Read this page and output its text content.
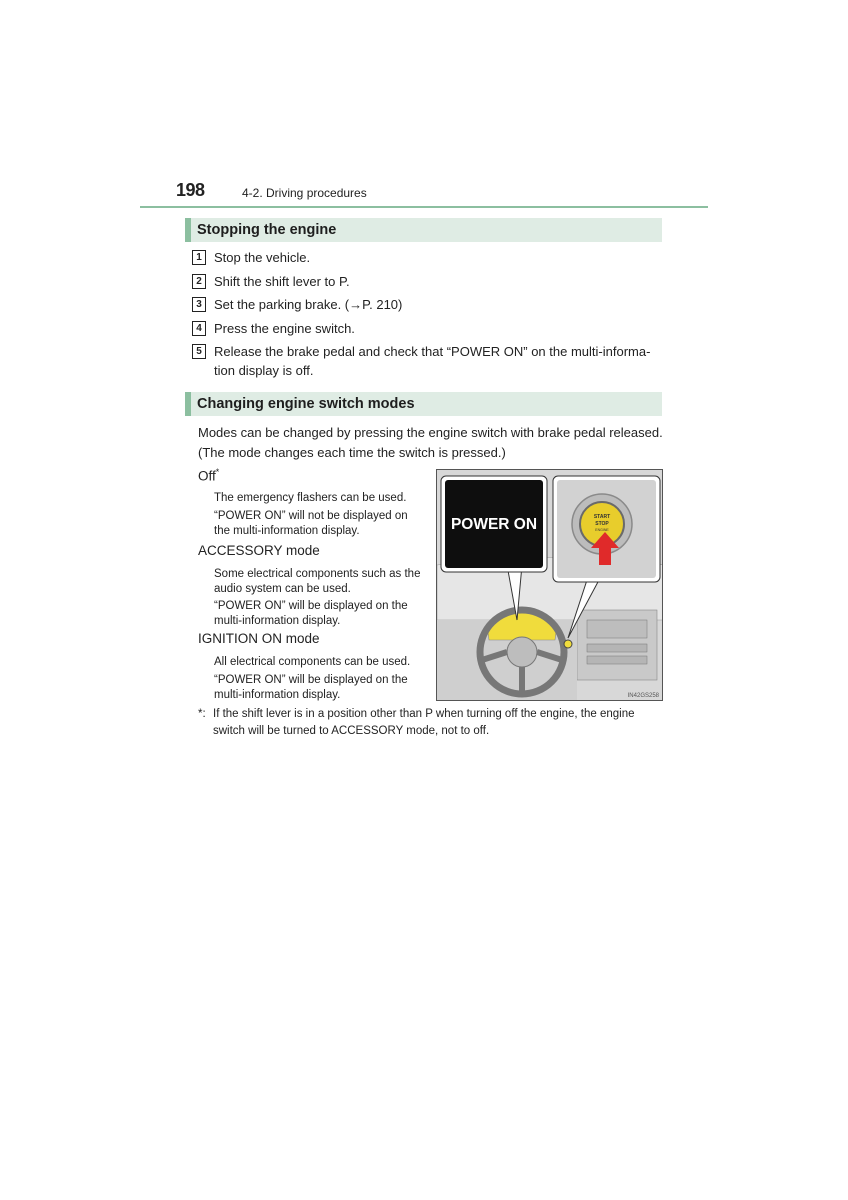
198	4-2. Driving procedures
Stopping the engine
1 Stop the vehicle.
2 Shift the shift lever to P.
3 Set the parking brake. (→P. 210)
4 Press the engine switch.
5 Release the brake pedal and check that “POWER ON” on the multi-informa-
tion display is off.
Changing engine switch modes
Modes can be changed by pressing the engine switch with brake pedal released.
(The mode changes each time the switch is pressed.)
Off*
The emergency flashers can be used.
“POWER ON” will not be displayed on
the multi-information display.
ACCESSORY mode
Some electrical components such as the
audio system can be used.
“POWER ON” will be displayed on the
multi-information display.
IGNITION ON mode
All electrical components can be used.
“POWER ON” will be displayed on the
multi-information display.
*: If the shift lever is in a position other than P when turning off the engine, the engine
switch will be turned to ACCESSORY mode, not to off.
POWER ON	START
STOP
ENGINE
IN42GS258
